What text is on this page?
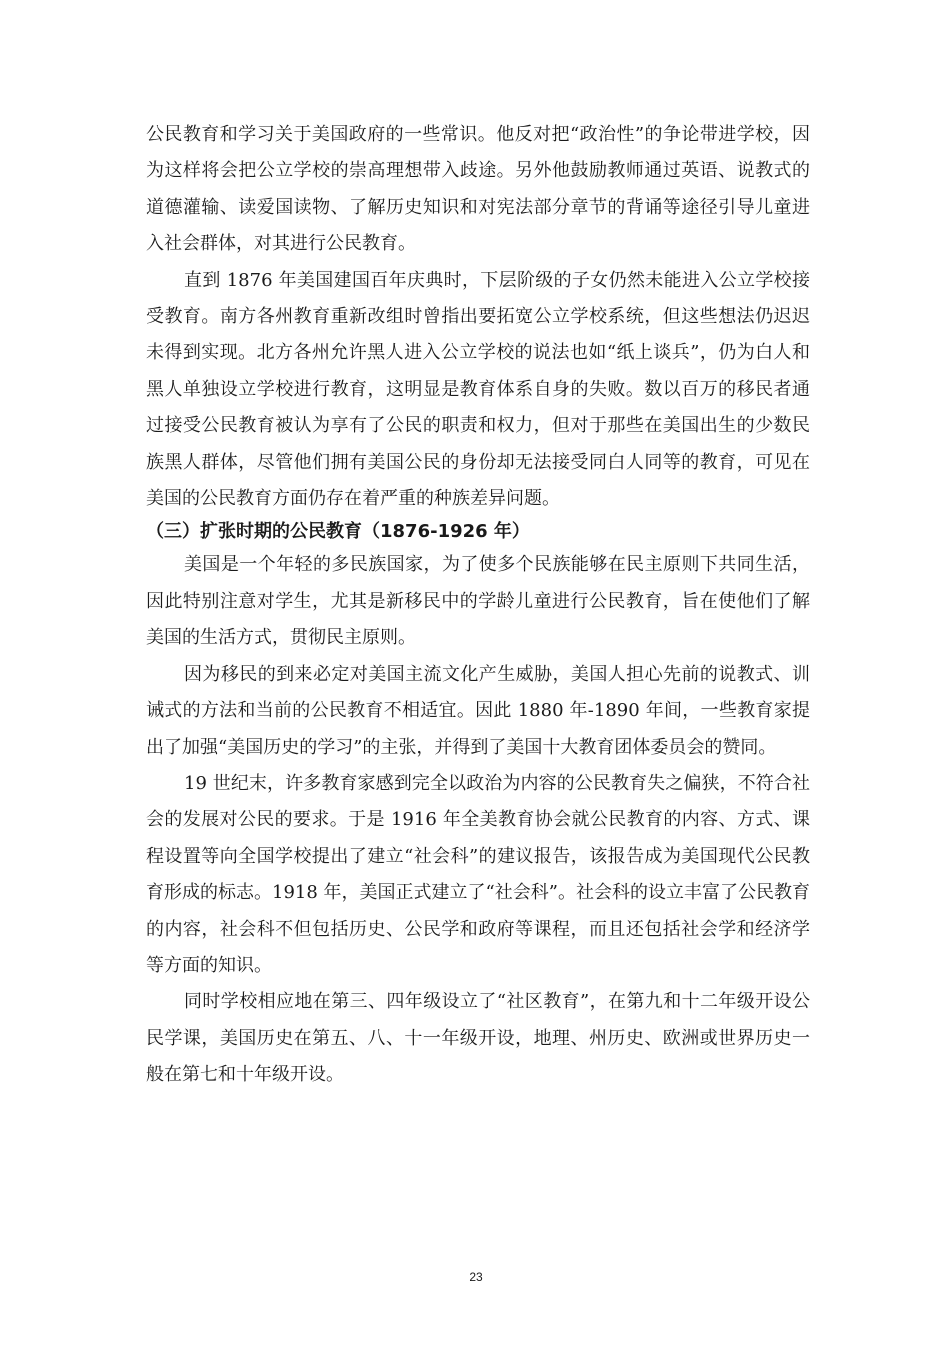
公民教育和学习关于美国政府的一些常识。他反对把“政治性”的争论带进学校，因为这样将会把公立学校的崇高理想带入歧途。另外他鼓励教师通过英语、说教式的道德灌输、读爱国读物、了解历史知识和对宪法部分章节的背诵等途径引导儿童进入社会群体，对其进行公民教育。

直到 1876 年美国建国百年庆典时，下层阶级的子女仍然未能进入公立学校接受教育。南方各州教育重新改组时曾指出要拓宽公立学校系统，但这些想法仍迟迟未得到实现。北方各州允许黑人进入公立学校的说法也如“纸上谈兵”，仍为白人和黑人单独设立学校进行教育，这明显是教育体系自身的失败。数以百万的移民者通过接受公民教育被认为享有了公民的职责和权力，但对于那些在美国出生的少数民族黑人群体，尽管他们拥有美国公民的身份却无法接受同白人同等的教育，可见在美国的公民教育方面仍存在着严重的种族差异问题。

（三）扩张时期的公民教育（1876-1926 年）

美国是一个年轻的多民族国家，为了使多个民族能够在民主原则下共同生活，因此特别注意对学生，尤其是新移民中的学龄儿童进行公民教育，旨在使他们了解美国的生活方式，贯彻民主原则。

因为移民的到来必定对美国主流文化产生威胁，美国人担心先前的说教式、训诫式的方法和当前的公民教育不相适宜。因此 1880 年-1890 年间，一些教育家提出了加强“美国历史的学习”的主张，并得到了美国十大教育团体委员会的赞同。

19 世纪末，许多教育家感到完全以政治为内容的公民教育失之偏狭，不符合社会的发展对公民的要求。于是 1916 年全美教育协会就公民教育的内容、方式、课程设置等向全国学校提出了建立“社会科”的建议报告，该报告成为美国现代公民教育形成的标志。1918 年，美国正式建立了“社会科”。社会科的设立丰富了公民教育的内容，社会科不但包括历史、公民学和政府等课程，而且还包括社会学和经济学等方面的知识。

同时学校相应地在第三、四年级设立了“社区教育”，在第九和十二年级开设公民学课，美国历史在第五、八、十一年级开设，地理、州历史、欧洲或世界历史一般在第七和十年级开设。

23
